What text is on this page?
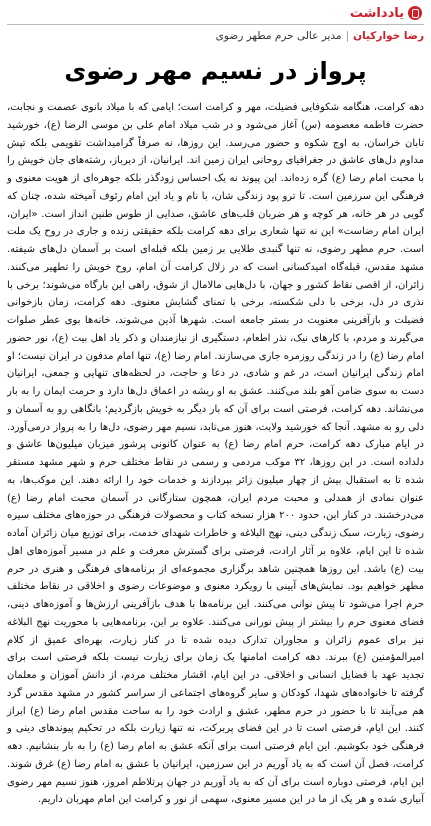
یادداشت
رضا خوارکیان
|
مدیر عالی حرم مطهر رضوی
پرواز در نسیم مهر رضوی

دهه کرامت، هنگامه شکوفایی فضیلت، مهر و کرامت است؛ ایامی که با میلاد بانوی عصمت و نجابت، حضرت فاطمه معصومه (س) آغاز می‌شود و در شب میلاد امام علی بن موسی الرضا (ع)، خورشید تابان خراسان، به اوج شکوه و حضور می‌رسد. این روزها، نه صرفاً گرامیداشت تقویمی بلکه تپش مداوم دل‌های عاشق در جغرافیای روحانی ایران زمین اند. ایرانیان، از دیرباز، رشته‌های جان خویش را با محبت امام رضا (ع) گره زده‌اند. این پیوند نه یک احساس زودگذر بلکه جوهره‌ای از هویت معنوی و فرهنگی این سرزمین است. تا ترو پود زندگی شان، با نام و یاد این امام رئوف آمیخته شده، چنان که گویی در هر خانه، هر کوچه و هر ضربان قلب‌های عاشق، صدایی از طوس طنین انداز است. «ایران، ایران امام رضاست» این نه تنها شعاری برای دهه کرامت بلکه حقیقتی زنده و جاری در روح یک ملت است. حرم مطهر رضوی، نه تنها گنبدی طلایی بر زمین بلکه قبله‌ای است بر آسمان دل‌های شیفته. مشهد مقدس، قبله‌گاه امیدکسانی است که در زلال کرامت آن امام، روح خویش را تطهیر می‌کنند. زائران، از اقصی نقاط کشور و جهان، با دل‌هایی مالامال از شوق، راهی این بارگاه می‌شوند؛ برخی با نذری در دل، برخی با دلی شکسته، برخی با تمنای گشایش معنوی. دهه کرامت، زمان بازخوانی فضیلت و بازآفرینی معنویت در بستر جامعه است. شهرها آذین می‌شوند، خانه‌ها بوی عطر صلوات می‌گیرند و مردم، با کارهای نیک، نذر اطعام، دستگیری از نیازمندان و ذکر یاد اهل بیت (ع)، نور حضور امام رضا (ع) را در زندگی روزمره جاری می‌سازند. امام رضا (ع)، تنها امام مدفون در ایران نیست؛ او امام زندگی ایرانیان است، در غم و شادی، در دعا و حاجت، در لحظه‌های تنهایی و جمعی، ایرانیان دست به سوی ضامن آهو بلند می‌کنند. عشق به او ریشه در اعماق دل‌ها دارد و حرمت ایمان را به بار می‌نشاند. دهه کرامت، فرصتی است برای آن که بار دیگر به خویش بازگردیم؛ بانگاهی رو به آسمان و دلی رو به مشهد. آنجا که خورشید ولایت، هنوز می‌تابد، نسیم مهر رضوی، دل‌ها را به پرواز درمی‌آورد. در ایام مبارک دهه کرامت، حرم امام رضا (ع) به عنوان کانونی پرشور میزبان میلیون‌ها عاشق و دلداده است. در این روزها، ۳۲ موکب مردمی و رسمی در نقاط مختلف حرم و شهر مشهد مستقر شده تا به استقبال بیش از چهار میلیون زائر بپردازند و خدمات خود را ارائه دهند. این موکب‌ها، به عنوان نمادی از همدلی و محبت مردم ایران، همچون ستارگانی در آسمان محبت امام رضا (ع) می‌درخشند. در کنار این، حدود ۲۰۰ هزار نسخه کتاب و محصولات فرهنگی در حوزه‌های مختلف سیره رضوی، زیارت، سبک زندگی دینی، نهج البلاغه و خاطرات شهدای خدمت، برای توزیع میان زائران آماده شده تا این ایام، علاوه بر آثار ارادت، فرصتی برای گسترش معرفت و علم در مسیر آموزه‌های اهل بیت (ع) باشد. این روزها همچنین شاهد برگزاری مجموعه‌ای از برنامه‌های فرهنگی و هنری در حرم مطهر خواهیم بود. نمایش‌های آیینی با رویکرد معنوی و موضوعات رضوی و اخلاقی در نقاط مختلف حرم اجرا می‌شود تا پیش نوانی می‌کنند. این برنامه‌ها با هدف بازآفرینی ارزش‌ها و آموزه‌های دینی، فضای معنوی حرم را بیشتر از پیش نورانی می‌کنند. علاوه بر این، برنامه‌هایی با محوریت نهج البلاغه نیز برای عموم زائران و مجاوران تدارک دیده شده تا در کنار زیارت، بهره‌ای عمیق از کلام امیرالمؤمنین (ع) ببرند. دهه کرامت امامنها یک زمان برای زیارت نیست بلکه فرصتی است برای تجدید عهد با فضایل انسانی و اخلاقی. در این ایام، اقشار مختلف مردم، از دانش آموزان و معلمان گرفته تا خانواده‌های شهدا، کودکان و سایر گروه‌های اجتماعی از سراسر کشور در مشهد مقدس گرد هم می‌آیند تا با حضور در حرم مطهر، عشق و ارادت خود را به ساحت مقدس امام رضا (ع) ابراز کنند. این ایام، فرصتی است تا در این فضای پربرکت، نه تنها زیارت بلکه در تحکیم پیوندهای دینی و فرهنگی خود بکوشیم. این ایام فرصتی است برای آنکه عشق به امام رضا (ع) را به بار بنشانیم. دهه کرامت، فصل آن است که به یاد آوریم در این سرزمین، ایرانیان با عشق به امام رضا (ع) غرق شوند. این ایام، فرصتی دوباره است برای آن که به یاد آوریم در جهان پرتلاطم امروز، هنوز نسیم مهر رضوی آبیاری شده و هر یک از ما در این مسیر معنوی، سهمی از نور و کرامت این امام مهربان داریم.
